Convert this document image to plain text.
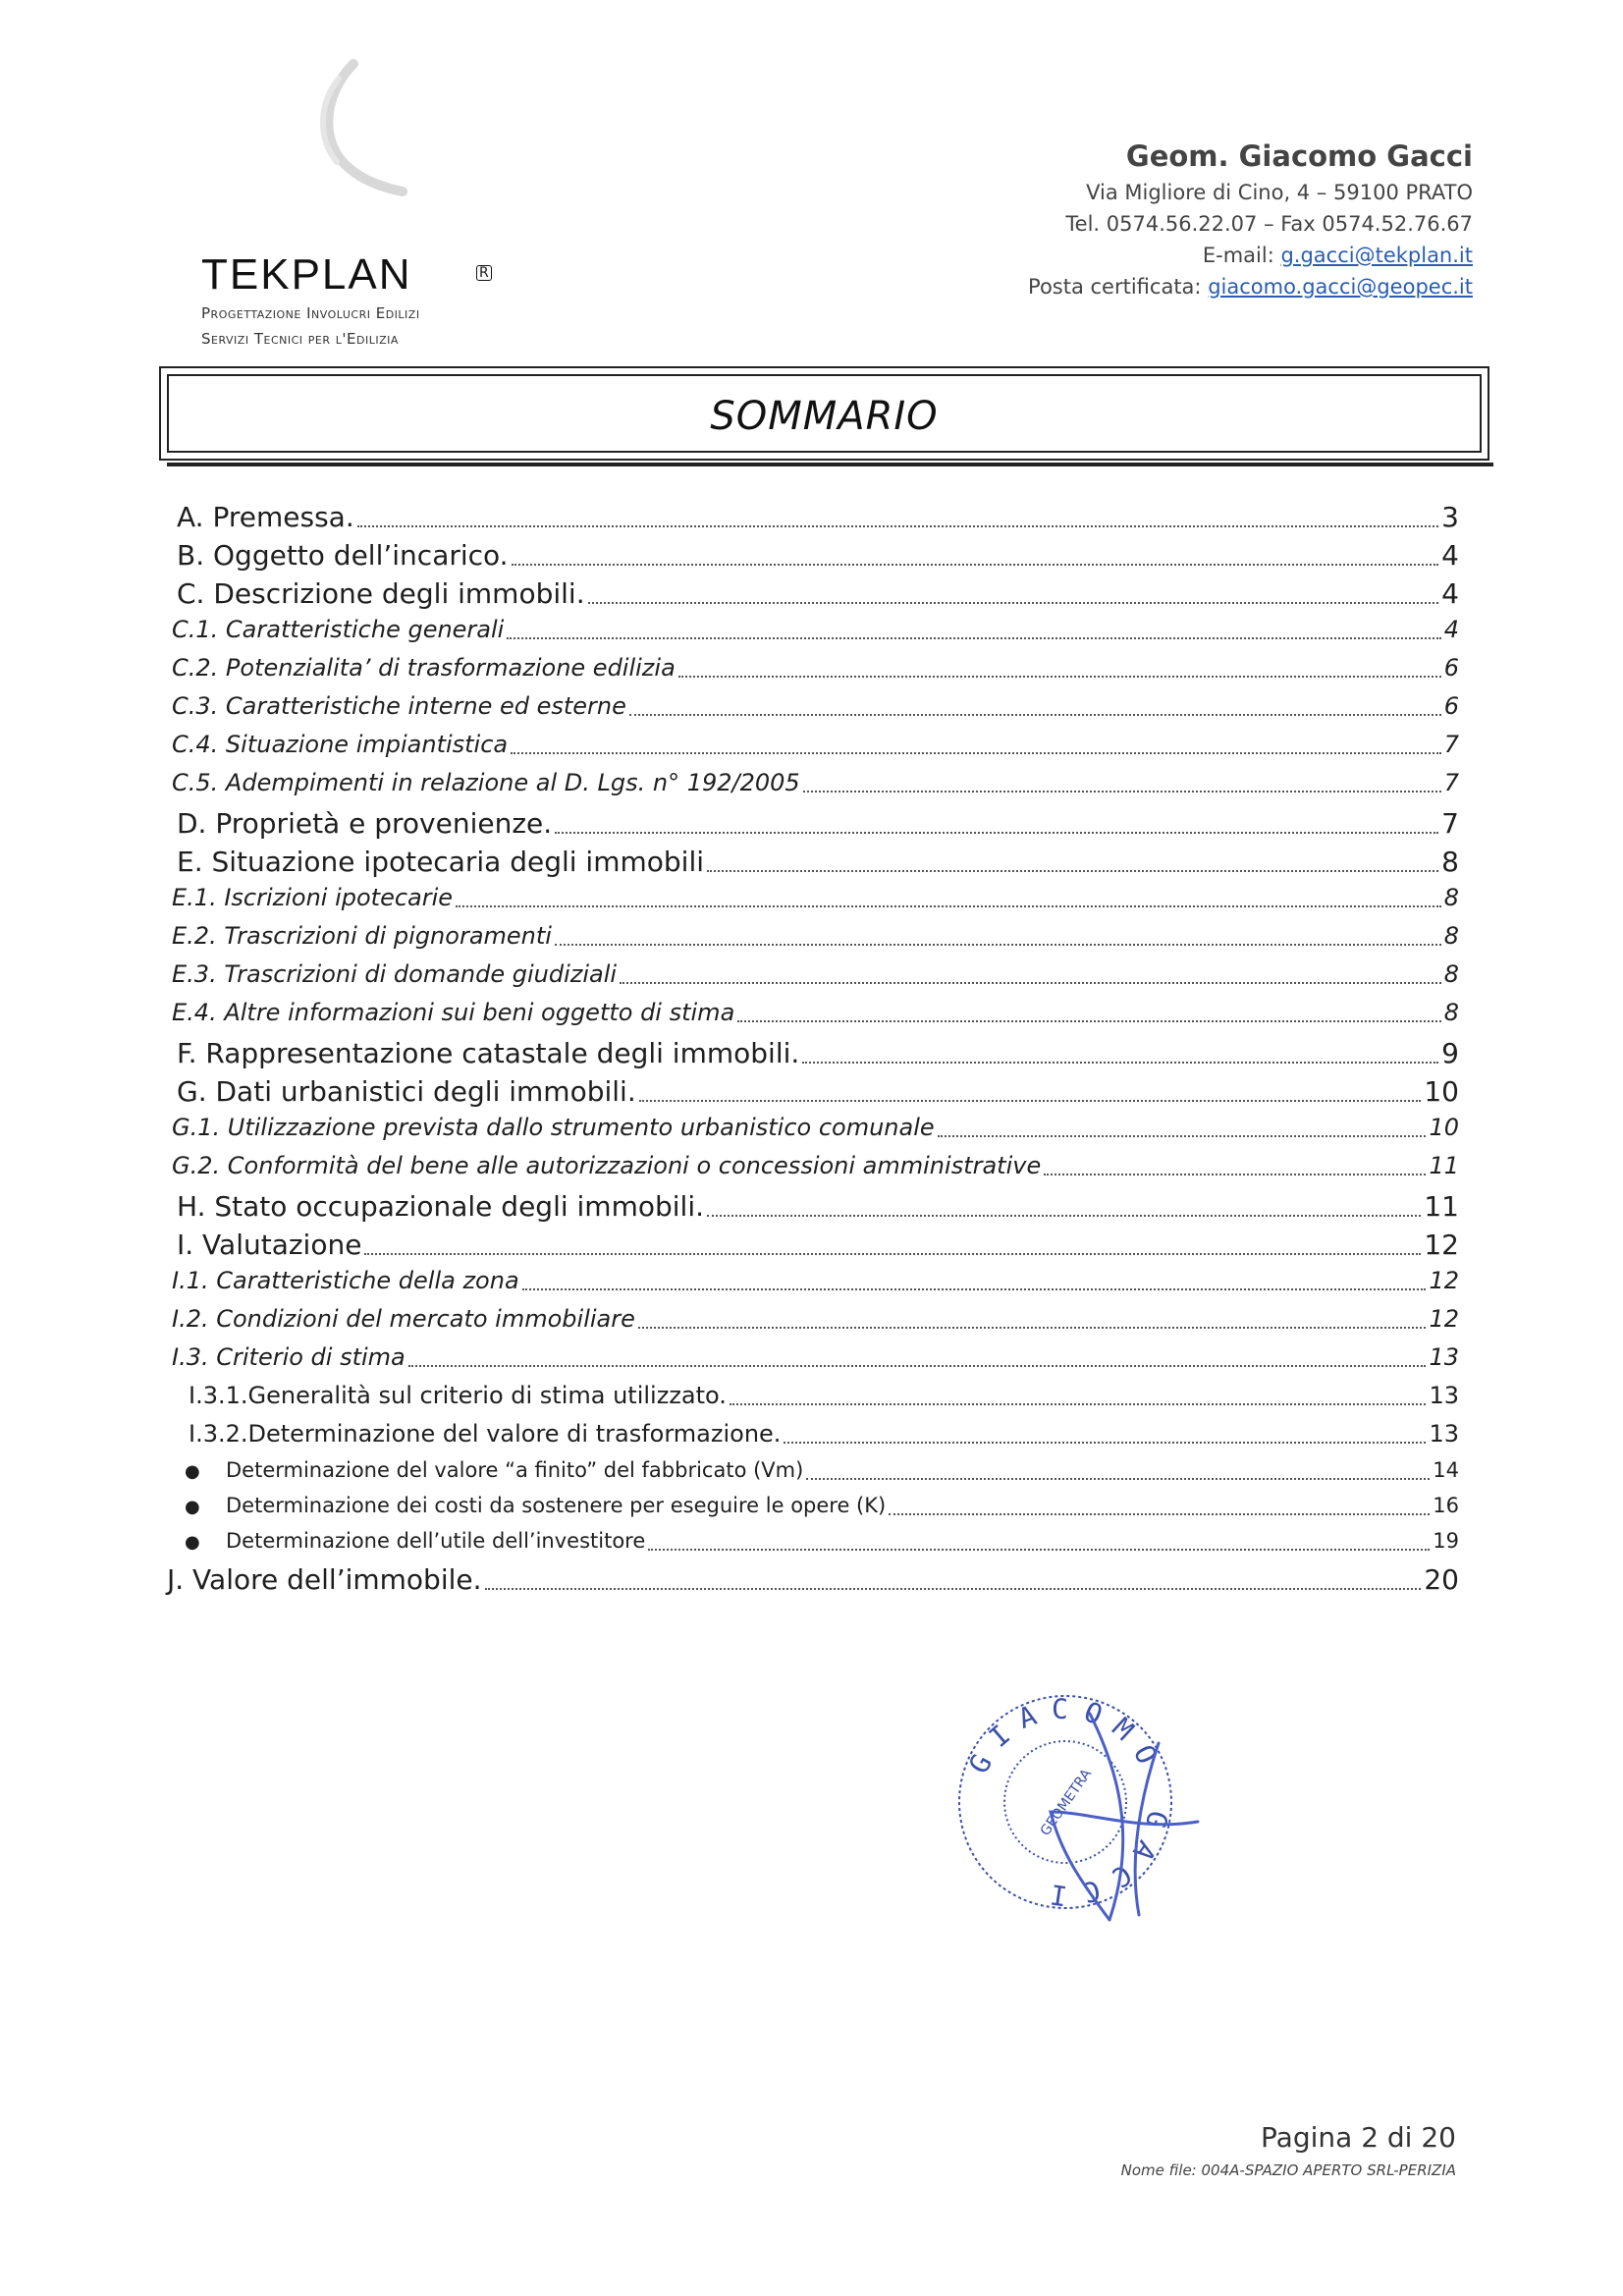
TEKPLAN	R
Progettazione Involucri Edilizi
Servizi Tecnici per l'Edilizia
Geom. Giacomo Gacci
Via Migliore di Cino, 4 – 59100 PRATO
Tel. 0574.56.22.07 – Fax 0574.52.76.67
E-mail: g.gacci@tekplan.it
Posta certificata: giacomo.gacci@geopec.it
SOMMARIO
A. Premessa.	3
B. Oggetto dell’incarico.	4
C. Descrizione degli immobili.	4
C.1. Caratteristiche generali	4
C.2. Potenzialita’ di trasformazione edilizia	6
C.3. Caratteristiche interne ed esterne	6
C.4. Situazione impiantistica	7
C.5. Adempimenti in relazione al D. Lgs. n° 192/2005	7
D. Proprietà e provenienze.	7
E. Situazione ipotecaria degli immobili	8
E.1. Iscrizioni ipotecarie	8
E.2. Trascrizioni di pignoramenti	8
E.3. Trascrizioni di domande giudiziali	8
E.4. Altre informazioni sui beni oggetto di stima	8
F. Rappresentazione catastale degli immobili.	9
G. Dati urbanistici degli immobili.	10
G.1. Utilizzazione prevista dallo strumento urbanistico comunale	10
G.2. Conformità del bene alle autorizzazioni o concessioni amministrative	11
H. Stato occupazionale degli immobili.	11
I. Valutazione	12
I.1. Caratteristiche della zona	12
I.2. Condizioni del mercato immobiliare	12
I.3. Criterio di stima	13
I.3.1.Generalità sul criterio di stima utilizzato.	13
I.3.2.Determinazione del valore di trasformazione.	13
●	Determinazione del valore “a finito” del fabbricato (Vm)	14
●	Determinazione dei costi da sostenere per eseguire le opere (K)	16
●	Determinazione dell’utile dell’investitore	19
J. Valore dell’immobile.	20
GIACOMO GACCI
GEOMETRA
Pagina 2 di 20
Nome file: 004A-SPAZIO APERTO SRL-PERIZIA
